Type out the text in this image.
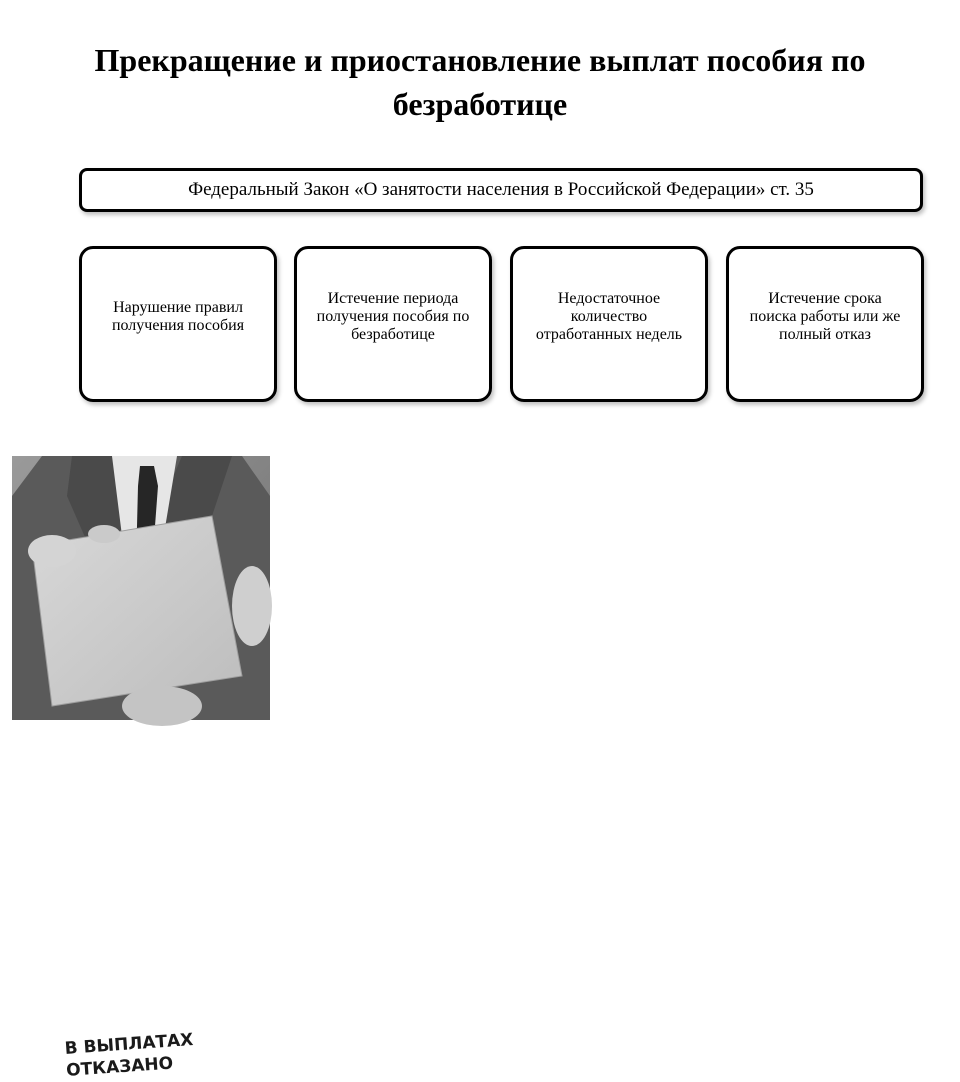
Прекращение и приостановление выплат пособия по безработице
Федеральный Закон «О занятости населения в Российской Федерации» ст. 35
Нарушение правил получения пособия
Истечение периода получения пособия по безработице
Недостаточное количество отработанных недель
Истечение срока поиска работы или же полный отказ
В ВЫПЛАТАХ
ОТКАЗАНО
